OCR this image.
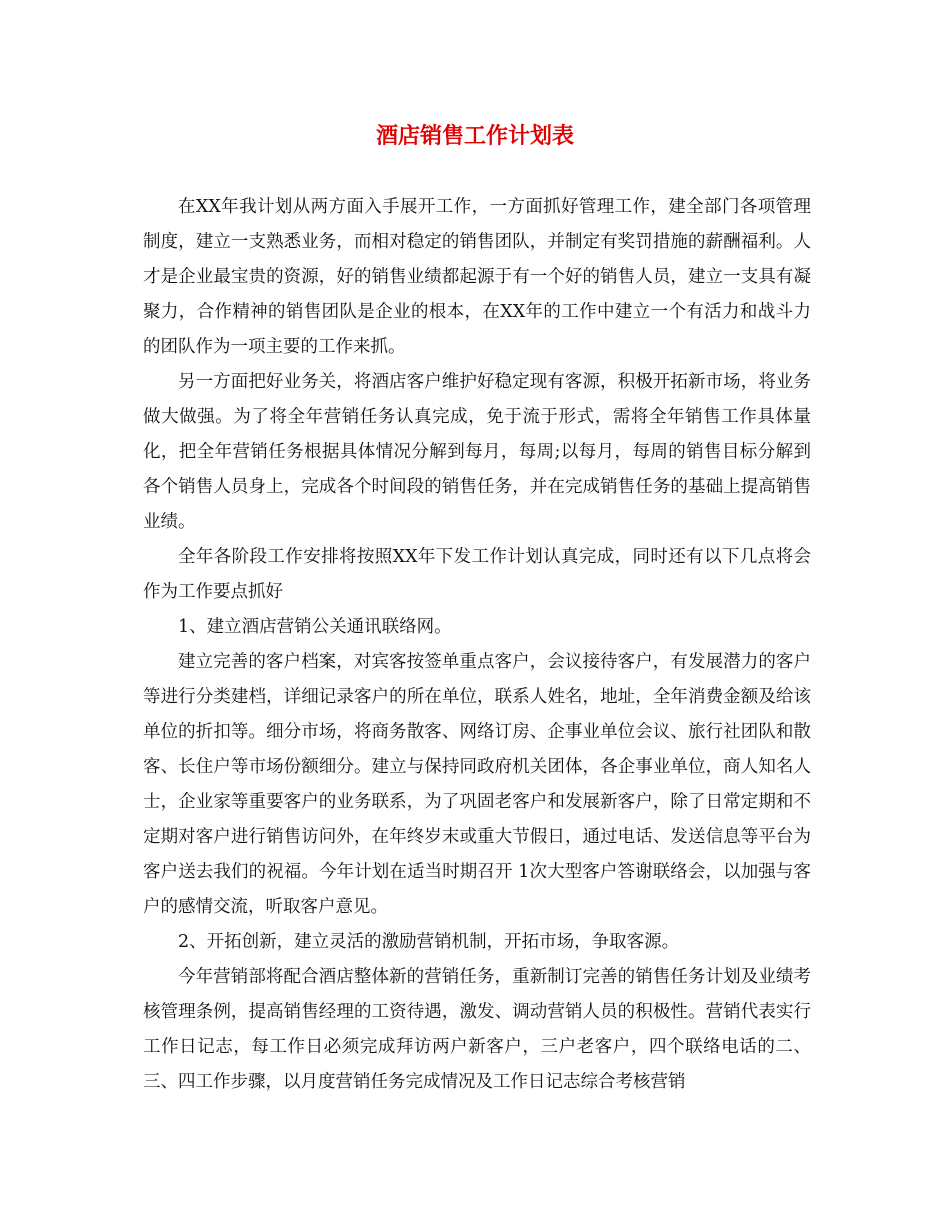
酒店销售工作计划表

在XX年我计划从两方面入手展开工作，一方面抓好管理工作，建全部门各项管理制度，建立一支熟悉业务，而相对稳定的销售团队，并制定有奖罚措施的薪酬福利。人才是企业最宝贵的资源，好的销售业绩都起源于有一个好的销售人员，建立一支具有凝聚力，合作精神的销售团队是企业的根本，在XX年的工作中建立一个有活力和战斗力的团队作为一项主要的工作来抓。

另一方面把好业务关，将酒店客户维护好稳定现有客源，积极开拓新市场，将业务做大做强。为了将全年营销任务认真完成，免于流于形式，需将全年销售工作具体量化，把全年营销任务根据具体情况分解到每月，每周;以每月，每周的销售目标分解到各个销售人员身上，完成各个时间段的销售任务，并在完成销售任务的基础上提高销售业绩。

全年各阶段工作安排将按照XX年下发工作计划认真完成，同时还有以下几点将会作为工作要点抓好

1、建立酒店营销公关通讯联络网。

建立完善的客户档案，对宾客按签单重点客户，会议接待客户，有发展潜力的客户等进行分类建档，详细记录客户的所在单位，联系人姓名，地址，全年消费金额及给该单位的折扣等。细分市场，将商务散客、网络订房、企事业单位会议、旅行社团队和散客、长住户等市场份额细分。建立与保持同政府机关团体，各企事业单位，商人知名人士，企业家等重要客户的业务联系，为了巩固老客户和发展新客户，除了日常定期和不定期对客户进行销售访问外，在年终岁末或重大节假日，通过电话、发送信息等平台为客户送去我们的祝福。今年计划在适当时期召开 1次大型客户答谢联络会，以加强与客户的感情交流，听取客户意见。

2、开拓创新，建立灵活的激励营销机制，开拓市场，争取客源。

今年营销部将配合酒店整体新的营销任务，重新制订完善的销售任务计划及业绩考核管理条例，提高销售经理的工资待遇，激发、调动营销人员的积极性。营销代表实行工作日记志，每工作日必须完成拜访两户新客户，三户老客户，四个联络电话的二、三、四工作步骤，以月度营销任务完成情况及工作日记志综合考核营销
